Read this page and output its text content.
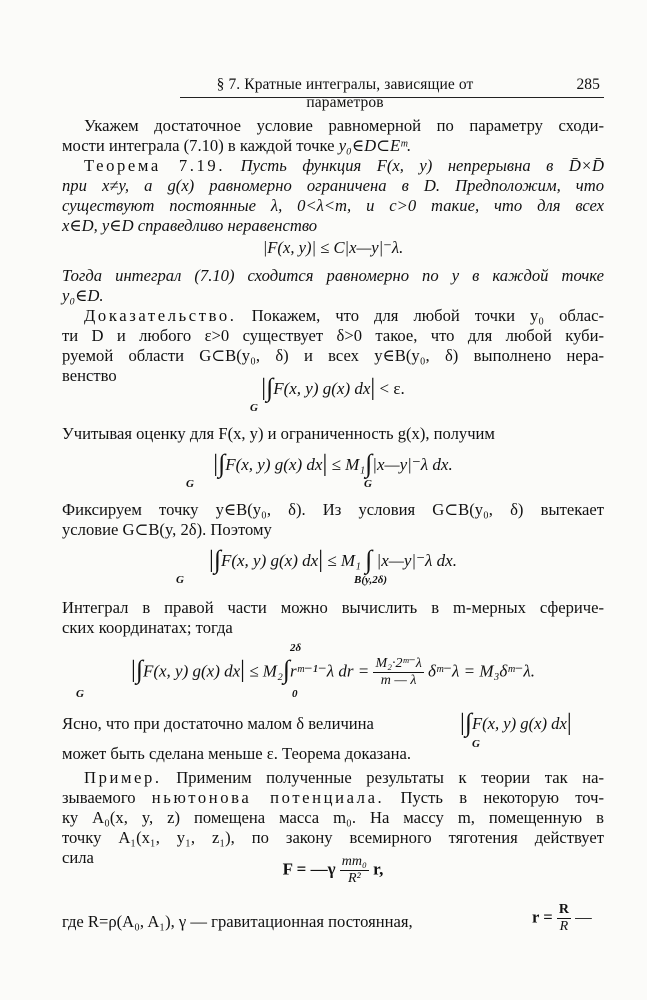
§ 7. Кратные интегралы, зависящие от параметров
285
Укажем достаточное условие равномерной по параметру сходи-
мости интеграла (7.10) в каждой точке y₀∈D⊂Eᵐ.
Теорема 7.19. Пусть функция F(x, y) непрерывна в D̄×D̄
при x≠y, а g(x) равномерно ограничена в D. Предположим, что
существуют постоянные λ, 0<λ<m, и c>0 такие, что для всех
x∈D, y∈D справедливо неравенство
|F(x, y)| ≤ C|x—y|⁻λ.
Тогда интеграл (7.10) сходится равномерно по y в каждой точке
y₀∈D.
Доказательство. Покажем, что для любой точки y₀ облас-
ти D и любого ε>0 существует δ>0 такое, что для любой куби-
руемой области G⊂B(y₀, δ) и всех y∈B(y₀, δ) выполнено нера-
венство	|∫F(x, y) g(x) dx| < ε.
G
Учитывая оценку для F(x, y) и ограниченность g(x), получим
|∫F(x, y) g(x) dx| ≤ M₁∫|x—y|⁻λ dx.
G	G
Фиксируем точку y∈B(y₀, δ). Из условия G⊂B(y₀, δ) вытекает
условие G⊂B(y, 2δ). Поэтому
|∫F(x, y) g(x) dx| ≤ M₁ ∫ |x—y|⁻λ dx.
G	B(y,2δ)
Интеграл в правой части можно вычислить в m-мерных сфериче-
ских координатах; тогда
|∫F(x, y) g(x) dx| ≤ M₂∫rᵐ⁻¹⁻λ dr = $\frac{\text{M₂·2ᵐ⁻λ}}{m — \lambda}$ δᵐ⁻λ = M₃δᵐ⁻λ.
2δ
0
G
Ясно, что при достаточно малом δ величина	|∫F(x, y) g(x) dx|
G
может быть сделана меньше ε. Теорема доказана.
Пример. Применим полученные результаты к теории так на-
зываемого ньютонова потенциала. Пусть в некоторую точ-
ку A₀(x, y, z) помещена масса m₀. На массу m, помещенную в
точку A₁(x₁, y₁, z₁), по закону всемирного тяготения действует
сила
F = —γ $\frac{\text{mm₀}}{\text{R²}} r$,
где R=ρ(A₀, A₁), γ — гравитационная постоянная,	$r = \frac{R}{R}$ —
